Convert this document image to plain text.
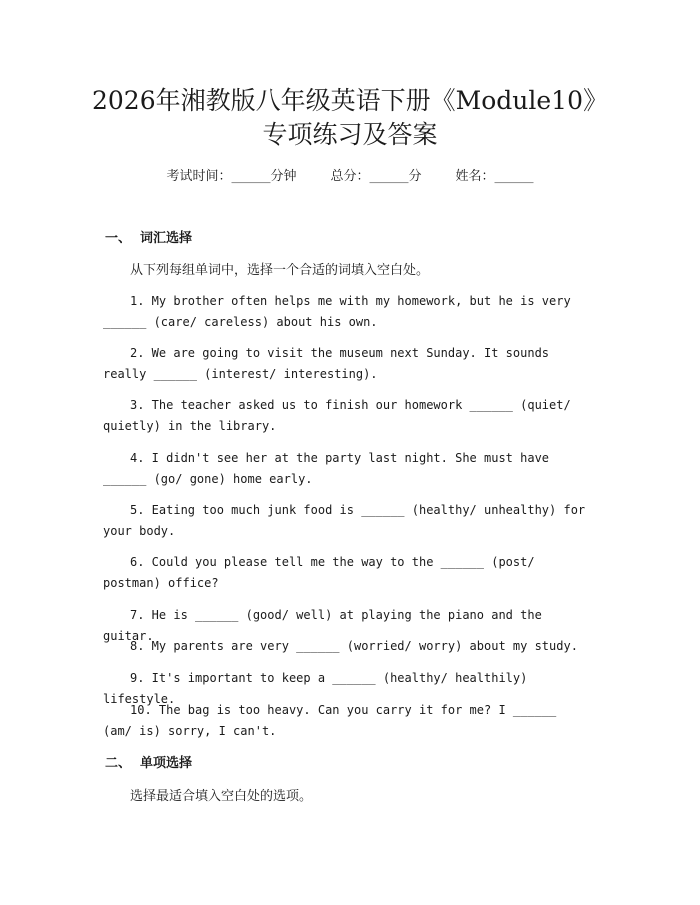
2026年湘教版八年级英语下册《Module10》
专项练习及答案
考试时间：______分钟	总分：______分	姓名：______
一、 词汇选择
从下列每组单词中，选择一个合适的词填入空白处。

1. My brother often helps me with my homework, but he is very ______ (care/ careless) about his own.

2. We are going to visit the museum next Sunday. It sounds really ______ (interest/ interesting).

3. The teacher asked us to finish our homework ______ (quiet/ quietly) in the library.

4. I didn't see her at the party last night. She must have ______ (go/ gone) home early.

5. Eating too much junk food is ______ (healthy/ unhealthy) for your body.

6. Could you please tell me the way to the ______ (post/ postman) office?

7. He is ______ (good/ well) at playing the piano and the guitar.

8. My parents are very ______ (worried/ worry) about my study.

9. It's important to keep a ______ (healthy/ healthily) lifestyle.

10. The bag is too heavy. Can you carry it for me? I ______ (am/ is) sorry, I can't.

二、 单项选择
选择最适合填入空白处的选项。
